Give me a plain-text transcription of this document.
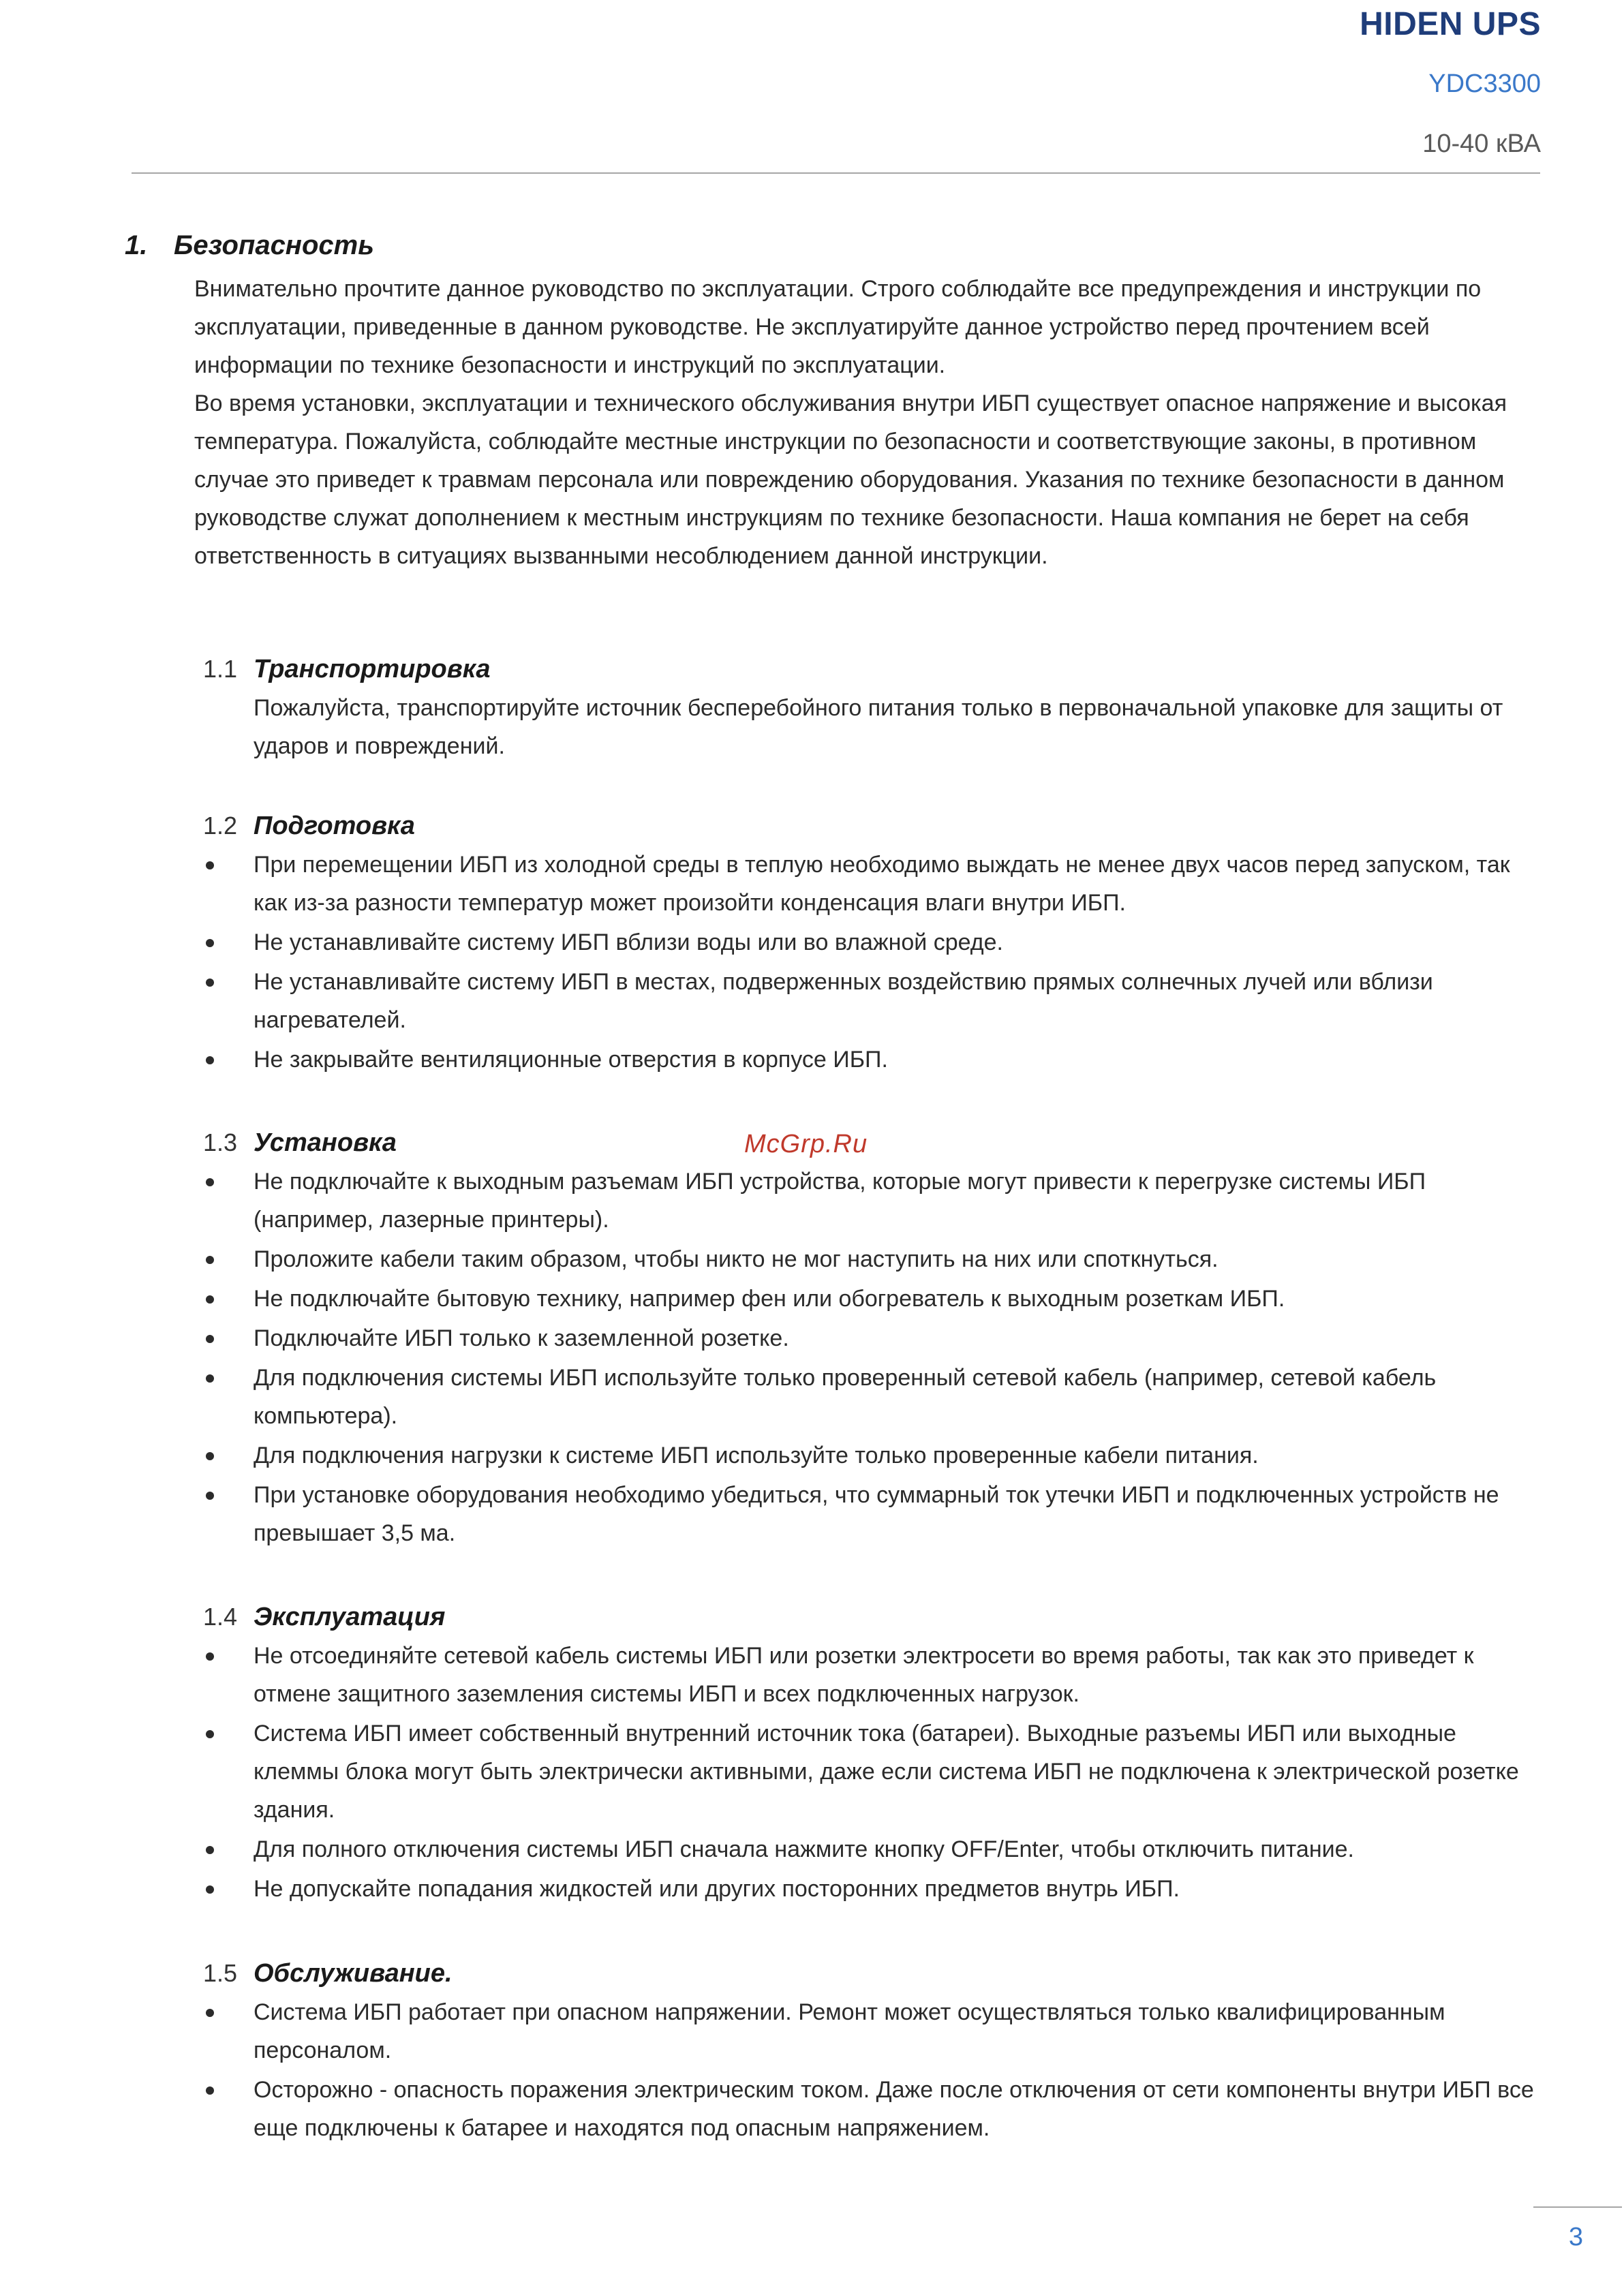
HIDEN UPS
YDC3300
10-40 кВА
1. Безопасность

Внимательно прочтите данное руководство по эксплуатации. Строго соблюдайте все предупреждения и инструкции по эксплуатации, приведенные в данном руководстве. Не эксплуатируйте данное устройство перед прочтением всей информации по технике безопасности и инструкций по эксплуатации.

Во время установки, эксплуатации и технического обслуживания внутри ИБП существует опасное напряжение и высокая температура. Пожалуйста, соблюдайте местные инструкции по безопасности и соответствующие законы, в противном случае это приведет к травмам персонала или повреждению оборудования. Указания по технике безопасности в данном руководстве служат дополнением к местным инструкциям по технике безопасности. Наша компания не берет на себя ответственность в ситуациях вызванными несоблюдением данной инструкции.

1.1 Транспортировка

Пожалуйста, транспортируйте источник бесперебойного питания только в первоначальной упаковке для защиты от ударов и повреждений.

1.2 Подготовка
При перемещении ИБП из холодной среды в теплую необходимо выждать не менее двух часов перед запуском, так как из-за разности температур может произойти конденсация влаги внутри ИБП.
Не устанавливайте систему ИБП вблизи воды или во влажной среде.
Не устанавливайте систему ИБП в местах, подверженных воздействию прямых солнечных лучей или вблизи нагревателей.
Не закрывайте вентиляционные отверстия в корпусе ИБП.
1.3 Установка
Не подключайте к выходным разъемам ИБП устройства, которые могут привести к перегрузке системы ИБП (например, лазерные принтеры).
Проложите кабели таким образом, чтобы никто не мог наступить на них или споткнуться.
Не подключайте бытовую технику, например фен или обогреватель к выходным розеткам ИБП.
Подключайте ИБП только к заземленной розетке.
Для подключения системы ИБП используйте только проверенный сетевой кабель (например, сетевой кабель компьютера).
Для подключения нагрузки к системе ИБП используйте только проверенные кабели питания.
При установке оборудования необходимо убедиться, что суммарный ток утечки ИБП и подключенных устройств не превышает 3,5 ма.
1.4 Эксплуатация
Не отсоединяйте сетевой кабель системы ИБП или розетки электросети во время работы, так как это приведет к отмене защитного заземления системы ИБП и всех подключенных нагрузок.
Система ИБП имеет собственный внутренний источник тока (батареи). Выходные разъемы ИБП или выходные клеммы блока могут быть электрически активными, даже если система ИБП не подключена к электрической розетке здания.
Для полного отключения системы ИБП сначала нажмите кнопку OFF/Enter, чтобы отключить питание.
Не допускайте попадания жидкостей или других посторонних предметов внутрь ИБП.
1.5 Обслуживание.
Система ИБП работает при опасном напряжении. Ремонт может осуществляться только квалифицированным персоналом.
Осторожно - опасность поражения электрическим током. Даже после отключения от сети компоненты внутри ИБП все еще подключены к батарее и находятся под опасным напряжением.
McGrp.Ru
3
